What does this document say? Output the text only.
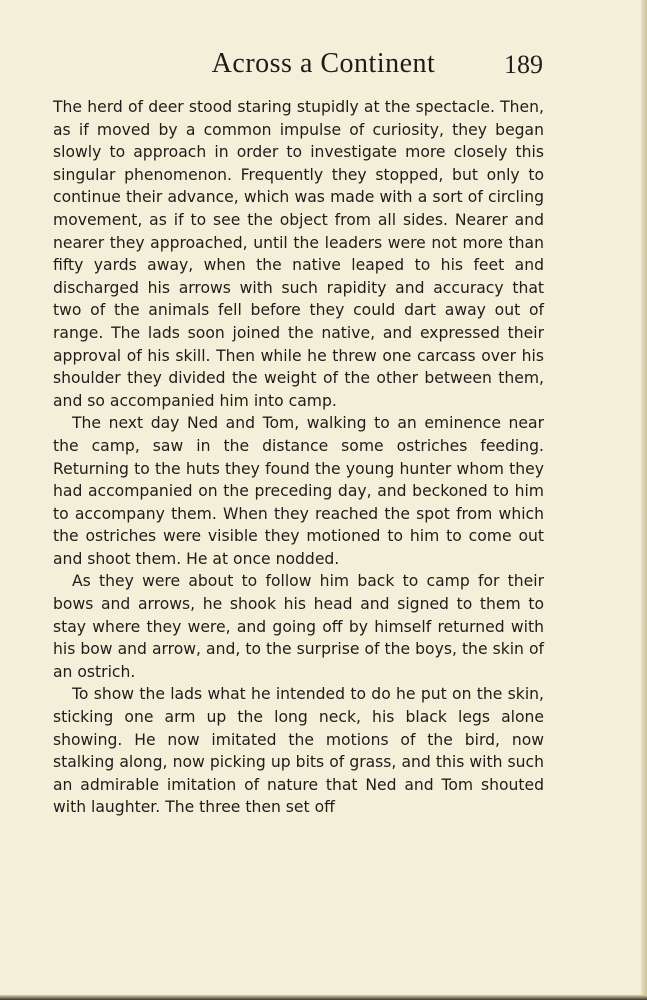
Across a Continent	189

The herd of deer stood staring stupidly at the spectacle. Then, as if moved by a common impulse of curiosity, they began slowly to approach in order to investigate more closely this singular phenomenon. Frequently they stopped, but only to continue their advance, which was made with a sort of circling movement, as if to see the object from all sides. Nearer and nearer they approached, until the leaders were not more than fifty yards away, when the native leaped to his feet and discharged his arrows with such rapidity and accuracy that two of the animals fell before they could dart away out of range. The lads soon joined the native, and expressed their approval of his skill. Then while he threw one carcass over his shoulder they divided the weight of the other between them, and so accompanied him into camp.

The next day Ned and Tom, walking to an eminence near the camp, saw in the distance some ostriches feeding. Returning to the huts they found the young hunter whom they had accompanied on the preceding day, and beckoned to him to accompany them. When they reached the spot from which the ostriches were visible they motioned to him to come out and shoot them. He at once nodded.

As they were about to follow him back to camp for their bows and arrows, he shook his head and signed to them to stay where they were, and going off by himself returned with his bow and arrow, and, to the surprise of the boys, the skin of an ostrich.

To show the lads what he intended to do he put on the skin, sticking one arm up the long neck, his black legs alone showing. He now imitated the motions of the bird, now stalking along, now picking up bits of grass, and this with such an admirable imitation of nature that Ned and Tom shouted with laughter. The three then set off
